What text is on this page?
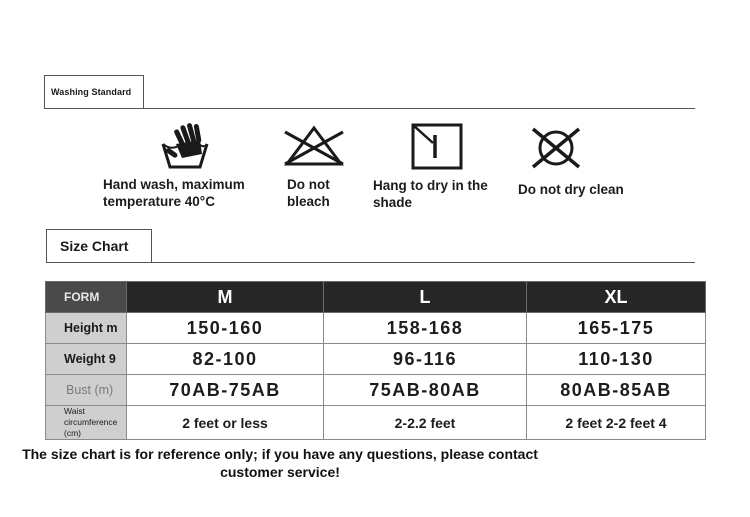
Washing Standard
Hand wash, maximum temperature 40°C
Do not bleach
Hang to dry in the shade
Do not dry clean
Size Chart
FORM	M	L	XL
Height m	150-160	158-168	165-175
Weight 9	82-100	96-116	110-130
Bust (m)	70AB-75AB	75AB-80AB	80AB-85AB
Waist circumference (cm)	2 feet or less	2-2.2 feet	2 feet 2-2 feet 4
The size chart is for reference only; if you have any questions, please contact customer service!
